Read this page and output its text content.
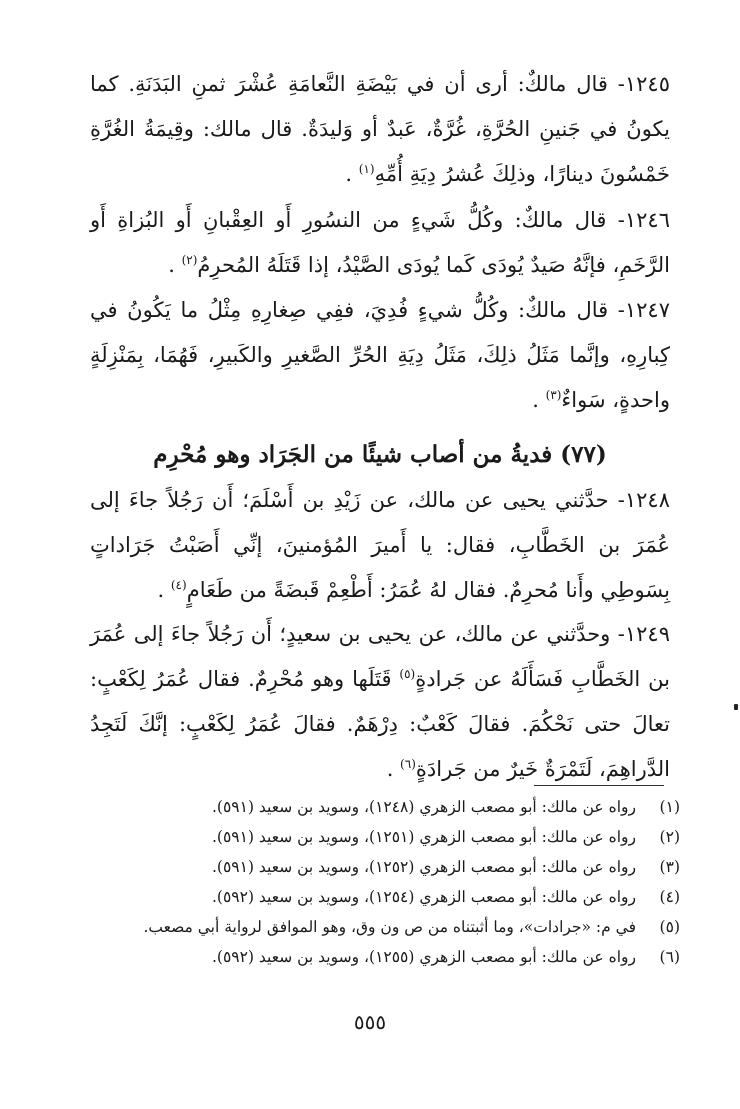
١٢٤٥- قال مالكٌ: أرى أن في بَيْضَةِ النَّعامَةِ عُشْرَ ثمنِ البَدَنَةِ. كما يكونُ في جَنينِ الحُرَّةِ، غُرَّةٌ، عَبدٌ أو وَليدَةٌ. قال مالك: وقِيمَةُ الغُرَّةِ خَمْسُونَ دينارًا، وذلِكَ عُشرُ دِيَةِ أُمِّهِ$^{(١)}$ .

١٢٤٦- قال مالكٌ: وكُلُّ شَيءٍ من النسُورِ أَو العِقْبانِ أَو البُزاةِ أَو الرَّخَمِ، فإنَّهُ صَيدٌ يُودَى كَما يُودَى الصَّيْدُ، إذا قَتَلَهُ المُحرِمُ$^{(٢)}$ .

١٢٤٧- قال مالكٌ: وكُلُّ شيءٍ فُدِيَ، ففِي صِغارِهِ مِثْلُ ما يَكُونُ في كِبارِهِ، وإنَّما مَثَلُ ذلِكَ، مَثَلُ دِيَةِ الحُرِّ الصَّغيرِ والكَبيرِ، فَهُمَا، بِمَنْزِلَةٍ واحدةٍ، سَواءٌ$^{(٣)}$ .

(٧٧) فديةُ من أصاب شيئًا من الجَرَاد وهو مُحْرِم

١٢٤٨- حدَّثني يحيى عن مالك، عن زَيْدِ بن أَسْلَمَ؛ أَن رَجُلاً جاءَ إلى عُمَرَ بن الخَطَّابِ، فقال: يا أَميرَ المُؤمنينَ، إنِّي أَصَبْتُ جَرَاداتٍ بِسَوطِي وأَنا مُحرِمٌ. فقال لهُ عُمَرُ: أَطْعِمْ قَبضَةً من طَعَامٍ$^{(٤)}$ .

١٢٤٩- وحدَّثني عن مالك، عن يحيى بن سعيدٍ؛ أَن رَجُلاً جاءَ إلى عُمَرَ بن الخَطَّابِ فَسَأَلَهُ عن جَرادةٍ$^{(٥)}$ قَتَلَها وهو مُحْرِمٌ. فقال عُمَرُ لِكَعْبٍ: تعالَ حتى نَحْكُمَ. فقالَ كَعْبٌ: دِرْهَمٌ. فقالَ عُمَرُ لِكَعْبٍ: إنَّكَ لَتَجِدُ الدَّراهِمَ، لَتَمْرَةٌ خَيرٌ من جَرادَةٍ$^{(٦)}$ .

(١)
رواه عن مالك: أبو مصعب الزهري (١٢٤٨)، وسويد بن سعيد (٥٩١).
(٢)
رواه عن مالك: أبو مصعب الزهري (١٢٥١)، وسويد بن سعيد (٥٩١).
(٣)
رواه عن مالك: أبو مصعب الزهري (١٢٥٢)، وسويد بن سعيد (٥٩١).
(٤)
رواه عن مالك: أبو مصعب الزهري (١٢٥٤)، وسويد بن سعيد (٥٩٢).
(٥)
في م: «جرادات»، وما أثبتناه من ص ون وق، وهو الموافق لرواية أبي مصعب.
(٦)
رواه عن مالك: أبو مصعب الزهري (١٢٥٥)، وسويد بن سعيد (٥٩٢).
٥٥٥
